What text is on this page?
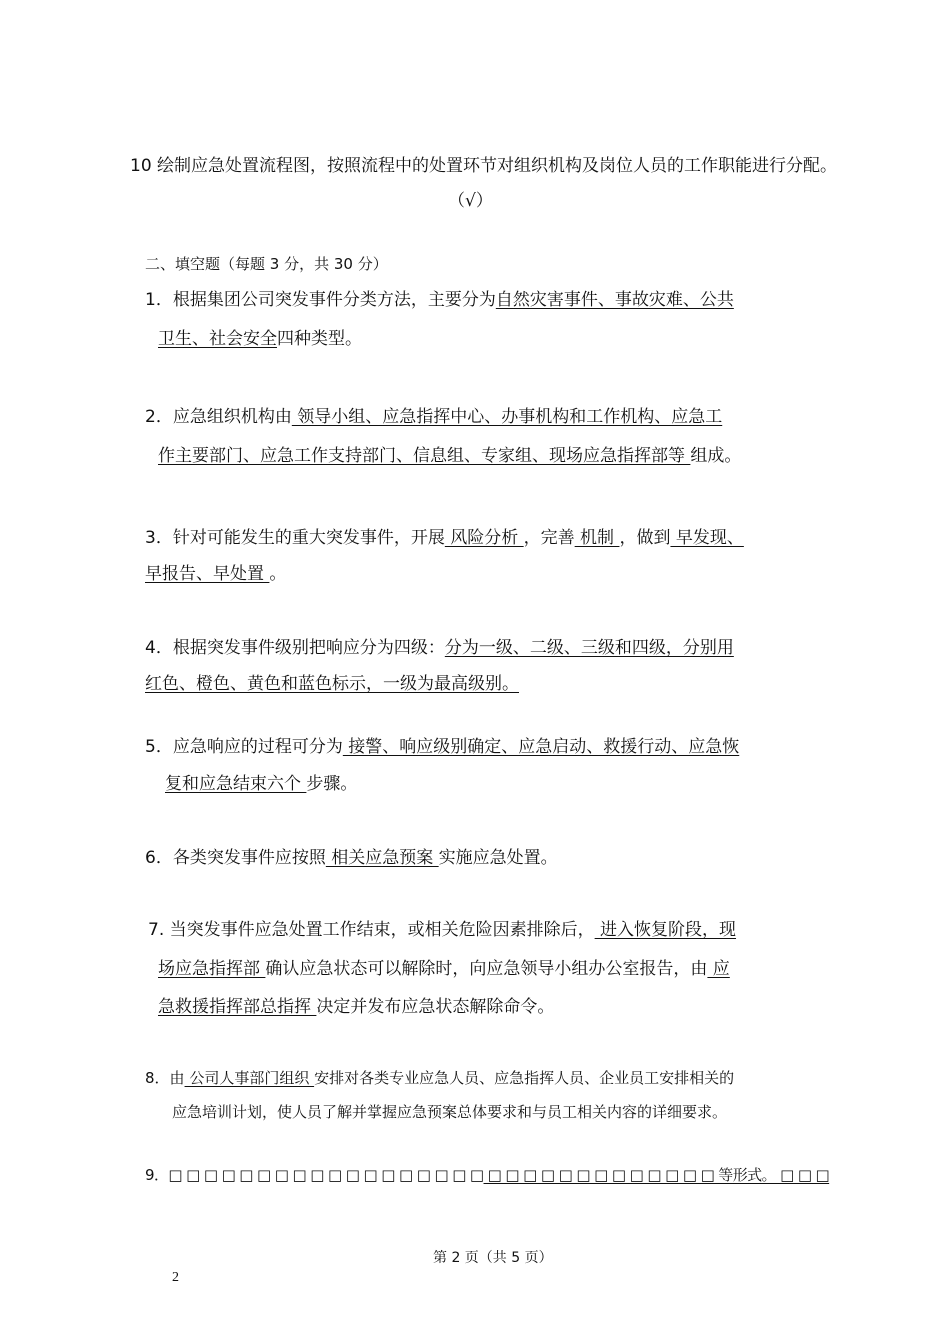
10 绘制应急处置流程图，按照流程中的处置环节对组织机构及岗位人员的工作职能进行分配。
（√）
二、填空题（每题 3 分，共 30 分）
1．根据集团公司突发事件分类方法，主要分为自然灾害事件、事故灾难、公共
卫生、社会安全四种类型。
2．应急组织机构由 领导小组、应急指挥中心、办事机构和工作机构、应急工
作主要部门、应急工作支持部门、信息组、专家组、现场应急指挥部等 组成。
3．针对可能发生的重大突发事件，开展 风险分析 ，完善 机制 ，做到 早发现、
早报告、早处置 。
4．根据突发事件级别把响应分为四级：分为一级、二级、三级和四级，分别用
红色、橙色、黄色和蓝色标示，一级为最高级别。
5．应急响应的过程可分为 接警、响应级别确定、应急启动、救援行动、应急恢
复和应急结束六个 步骤。
6．各类突发事件应按照 相关应急预案 实施应急处置。
7. 当突发事件应急处置工作结束，或相关危险因素排除后， 进入恢复阶段，现
场应急指挥部 确认应急状态可以解除时，向应急领导小组办公室报告，由 应
急救援指挥部总指挥 决定并发布应急状态解除命令。
8．由 公司人事部门组织 安排对各类专业应急人员、应急指挥人员、企业员工安排相关的
应急培训计划，使人员了解并掌握应急预案总体要求和与员工相关内容的详细要求。
9．□ □ □ □ □ □ □ □ □ □ □ □ □ □ □ □ □ □ □ □ □ □ □ □ □ □ □ □ □ □ □ 等形式。 □ □ □
第 2 页（共 5 页）
2
